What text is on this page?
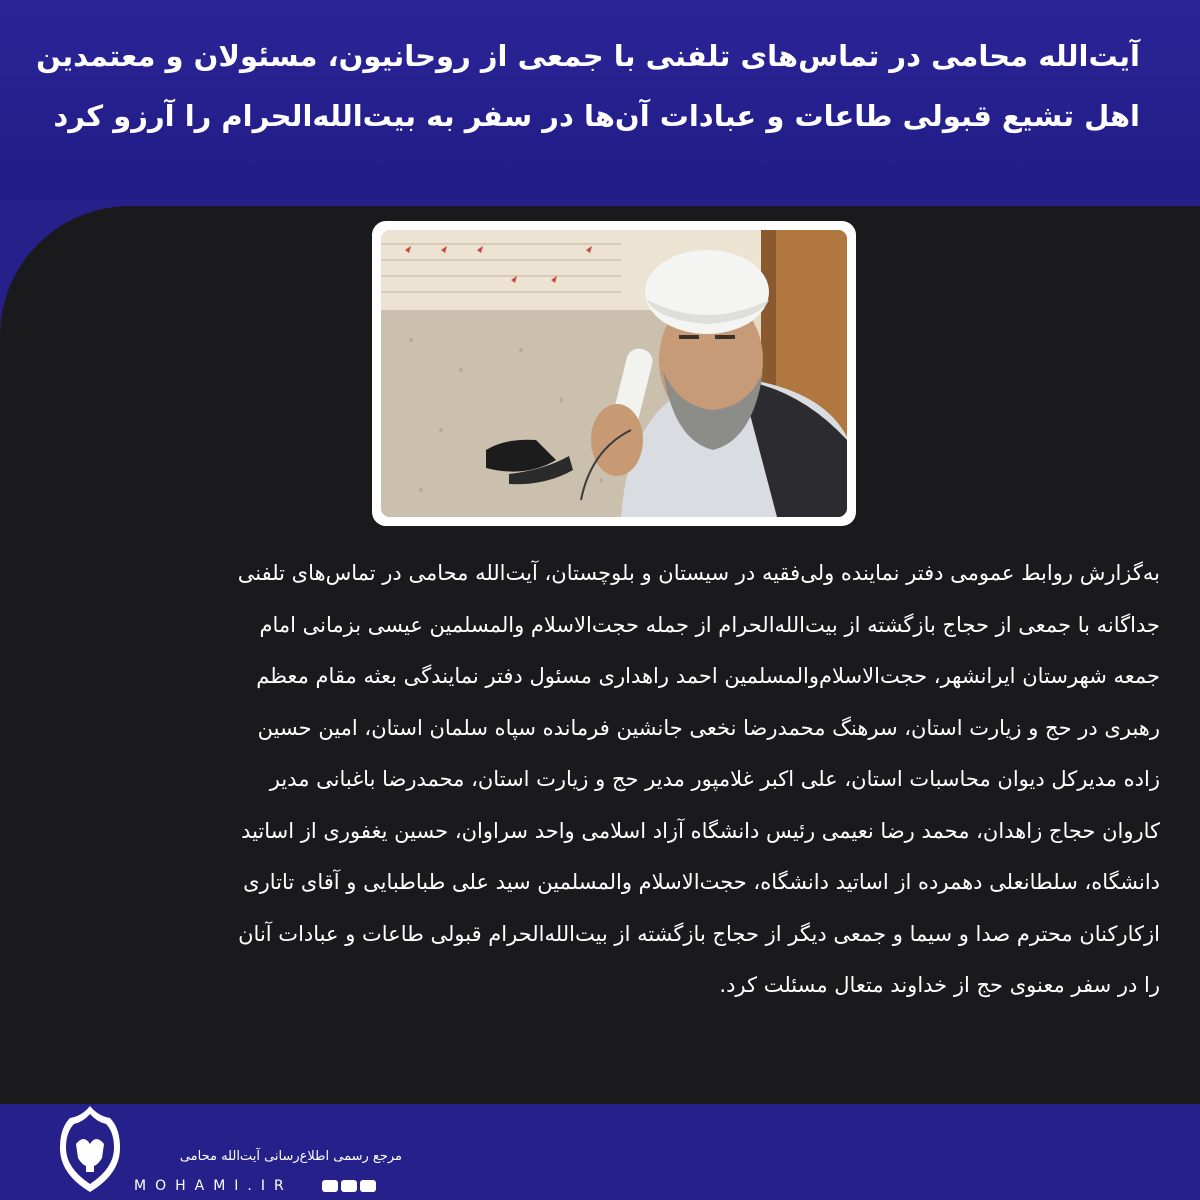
آیت‌الله محامی در تماس‌های تلفنی با جمعی از روحانیون، مسئولان و معتمدین
اهل تشیع قبولی طاعات و عبادات آن‌ها در سفر به بیت‌الله‌الحرام را آرزو کرد
به‌گزارش روابط عمومی دفتر نماینده ولی‌فقیه در سیستان و بلوچستان، آیت‌الله محامی در تماس‌های تلفنی
جداگانه با جمعی از حجاج بازگشته از بیت‌الله‌الحرام از جمله حجت‌الاسلام والمسلمین عیسی بزمانی امام
جمعه شهرستان ایرانشهر، حجت‌الاسلام‌والمسلمین احمد راهداری مسئول دفتر نمایندگی بعثه مقام معظم
رهبری در حج و زیارت استان، سرهنگ محمدرضا نخعی جانشین فرمانده سپاه سلمان استان، امین حسین
زاده مدیرکل دیوان محاسبات استان، علی اکبر غلامپور مدیر حج و زیارت استان، محمدرضا باغبانی مدیر
کاروان حجاج زاهدان، محمد رضا نعیمی رئیس دانشگاه آزاد اسلامی واحد سراوان، حسین یغفوری از اساتید
دانشگاه، سلطانعلی دهمرده از اساتید دانشگاه، حجت‌الاسلام والمسلمین سید علی طباطبایی و آقای تاتاری
ازکارکنان محترم صدا و سیما و جمعی دیگر از حجاج بازگشته از بیت‌الله‌الحرام قبولی طاعات و عبادات آنان
را در سفر معنوی حج از خداوند متعال مسئلت کرد.
مرجع رسمی اطلاع‌رسانی آیت‌الله محامی
MOHAMI.IR
